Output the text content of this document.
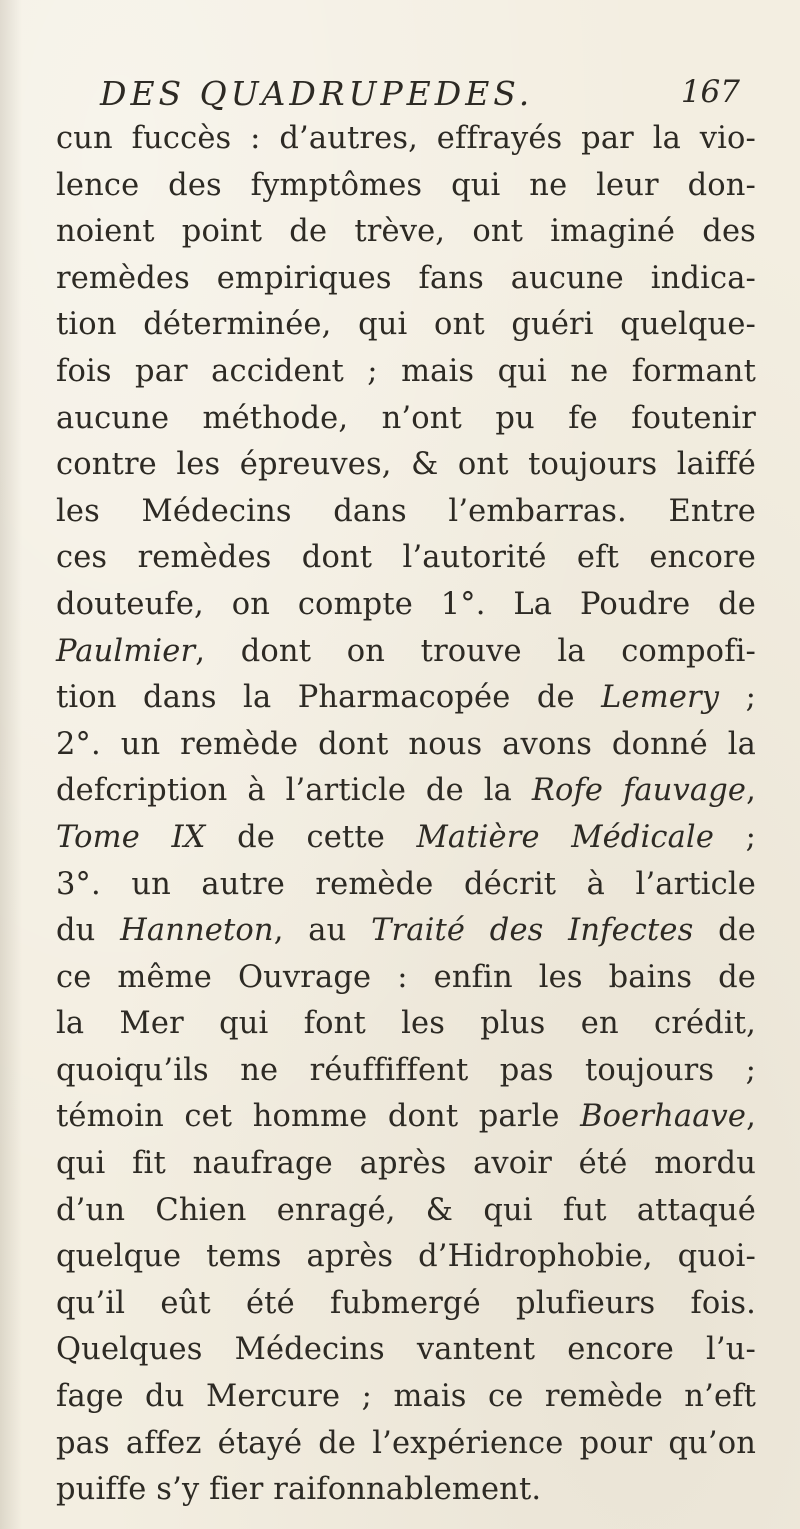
DES QUADRUPEDES.	167
cun fuccès : d’autres, effrayés par la vio-
lence des fymptômes qui ne leur don-
noient point de trève, ont imaginé des
remèdes empiriques fans aucune indica-
tion déterminée, qui ont guéri quelque-
fois par accident ; mais qui ne formant
aucune méthode, n’ont pu fe foutenir
contre les épreuves, & ont toujours laiffé
les Médecins dans l’embarras. Entre
ces remèdes dont l’autorité eft encore
douteufe, on compte 1°. La Poudre de
Paulmier, dont on trouve la compofi-
tion dans la Pharmacopée de Lemery ;
2°. un remède dont nous avons donné la
defcription à l’article de la Rofe fauvage,
Tome IX de cette Matière Médicale ;
3°. un autre remède décrit à l’article
du Hanneton, au Traité des Infectes de
ce même Ouvrage : enfin les bains de
la Mer qui font les plus en crédit,
quoiqu’ils ne réuffiffent pas toujours ;
témoin cet homme dont parle Boerhaave,
qui fit naufrage après avoir été mordu
d’un Chien enragé, & qui fut attaqué
quelque tems après d’Hidrophobie, quoi-
qu’il eût été fubmergé plufieurs fois.
Quelques Médecins vantent encore l’u-
fage du Mercure ; mais ce remède n’eft
pas affez étayé de l’expérience pour qu’on
puiffe s’y fier raifonnablement.
